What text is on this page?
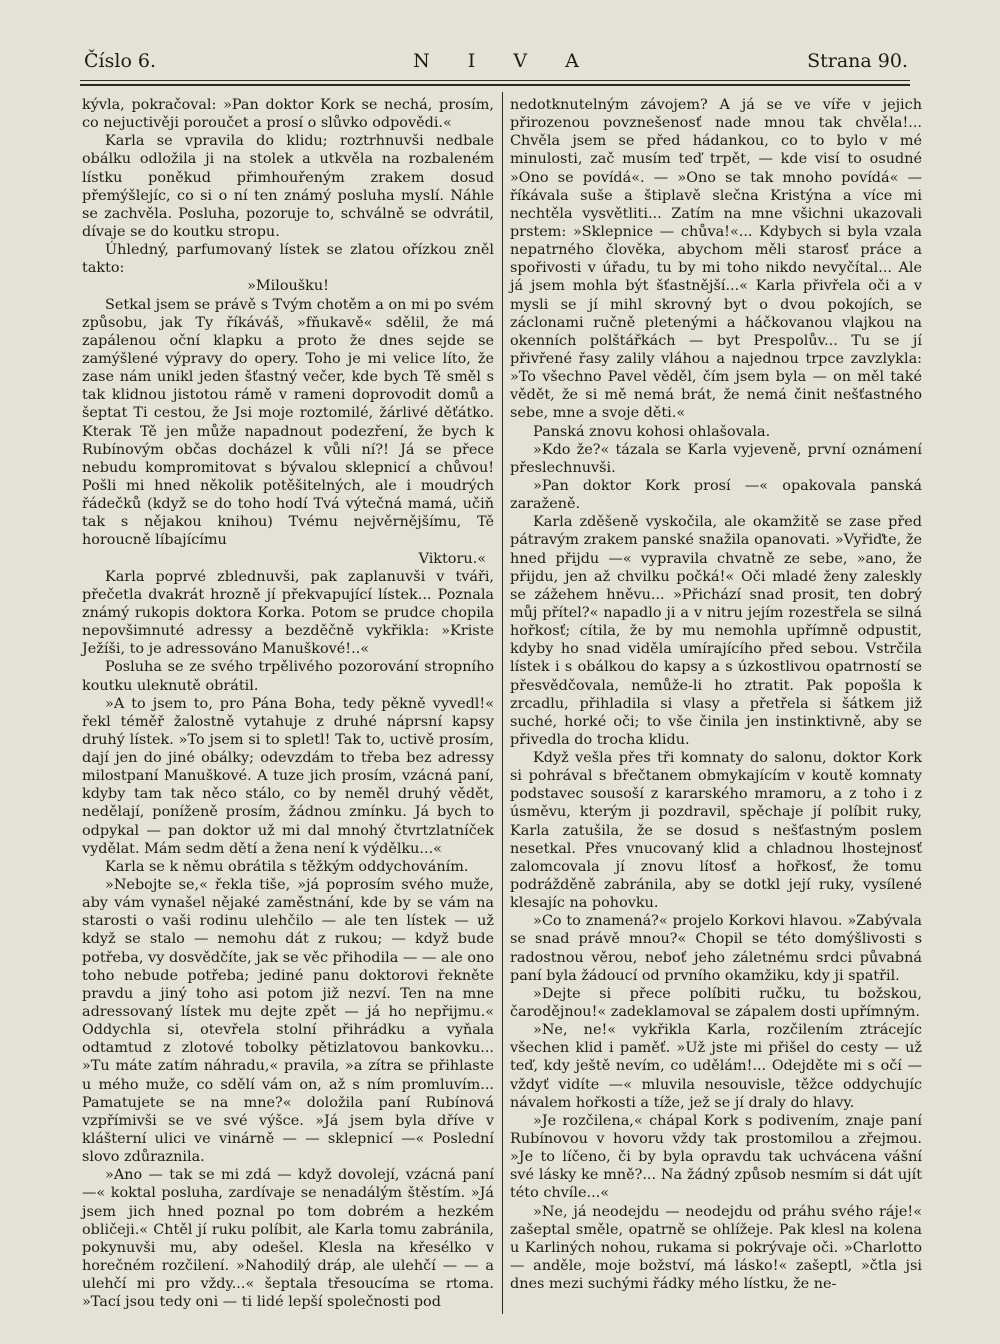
Číslo 6.	N I V A	Strana 90.

kývla, pokračoval: »Pan doktor Kork se nechá, prosím, co nejuctivěji poroučet a prosí o slůvko odpovědi.«

Karla se vpravila do klidu; roztrhnuvši nedbale obálku odložila ji na stolek a utkvěla na rozbaleném lístku poněkud přimhouřeným zrakem dosud přemýšlejíc, co si o ní ten známý posluha myslí. Náhle se zachvěla. Posluha, pozoruje to, schválně se odvrátil, dívaje se do koutku stropu.

Úhledný, parfumovaný lístek se zlatou ořízkou zněl takto:

»Miloušku!

Setkal jsem se právě s Tvým chotěm a on mi po svém způsobu, jak Ty říkáváš, »fňukavě« sdělil, že má zapálenou oční klapku a proto že dnes sejde se zamýšlené výpravy do opery. Toho je mi velice líto, že zase nám unikl jeden šťastný večer, kde bych Tě směl s tak klidnou jistotou rámě v rameni doprovodit domů a šeptat Ti cestou, že Jsi moje roztomilé, žárlivé děťátko. Kterak Tě jen může napadnout podezření, že bych k Rubínovým občas docházel k vůli ní?! Já se přece nebudu kompromitovat s bývalou sklepnicí a chůvou! Pošli mi hned několik potěšitelných, ale i moudrých řádečků (když se do toho hodí Tvá výtečná mamá, učiň tak s nějakou knihou) Tvému nejvěrnějšímu, Tě horoucně líbajícímu

Viktoru.«

Karla poprvé zblednuvši, pak zaplanuvši v tváři, přečetla dvakrát hrozně jí překvapující lístek... Poznala známý rukopis doktora Korka. Potom se prudce chopila nepovšimnuté adressy a bezděčně vykřikla: »Kriste Ježíši, to je adressováno Manuškové!..«

Posluha se ze svého trpělivého pozorování stropního koutku uleknutě obrátil.

»A to jsem to, pro Pána Boha, tedy pěkně vyvedl!« řekl téměř žalostně vytahuje z druhé náprsní kapsy druhý lístek. »To jsem si to spletl! Tak to, uctivě prosím, dají jen do jiné obálky; odevzdám to třeba bez adressy milostpaní Manuškové. A tuze jich prosím, vzácná paní, kdyby tam tak něco stálo, co by neměl druhý vědět, nedělají, poníženě prosím, žádnou zmínku. Já bych to odpykal — pan doktor už mi dal mnohý čtvrtzlatníček vydělat. Mám sedm dětí a žena není k výdělku...«

Karla se k němu obrátila s těžkým oddychováním.

»Nebojte se,« řekla tiše, »já poprosím svého muže, aby vám vynašel nějaké zaměstnání, kde by se vám na starosti o vaši rodinu ulehčilo — ale ten lístek — už když se stalo — nemohu dát z rukou; — když bude potřeba, vy dosvědčíte, jak se věc přihodila — — ale ono toho nebude potřeba; jediné panu doktorovi řekněte pravdu a jiný toho asi potom již nezví. Ten na mne adressovaný lístek mu dejte zpět — já ho nepřijmu.« Oddychla si, otevřela stolní přihrádku a vyňala odtamtud z zlotové tobolky pětizlatovou bankovku... »Tu máte zatím náhradu,« pravila, »a zítra se přihlaste u mého muže, co sdělí vám on, až s ním promluvím... Pamatujete se na mne?« doložila paní Rubínová vzpřímivši se ve své výšce. »Já jsem byla dříve v klášterní ulici ve vinárně — — sklepnicí —« Poslední slovo zdůraznila.

»Ano — tak se mi zdá — když dovolejí, vzácná paní —« koktal posluha, zardívaje se nenadálým štěstím. »Já jsem jich hned poznal po tom dobrém a hezkém obličeji.« Chtěl jí ruku políbit, ale Karla tomu zabránila, pokynuvši mu, aby odešel. Klesla na křesélko v horečném rozčilení. »Nahodilý dráp, ale ulehčí — — a ulehčí mi pro vždy...« šeptala třesoucíma se rtoma. »Tací jsou tedy oni — ti lidé lepší společnosti pod

nedotknutelným závojem? A já se ve víře v jejich přirozenou povznešenosť nade mnou tak chvěla!... Chvěla jsem se před hádankou, co to bylo v mé minulosti, zač musím teď trpět, — kde visí to osudné »Ono se povídá«. — »Ono se tak mnoho povídá« — říkávala suše a štiplavě slečna Kristýna a více mi nechtěla vysvětliti... Zatím na mne všichni ukazovali prstem: »Sklepnice — chůva!«... Kdybych si byla vzala nepatrného člověka, abychom měli starosť práce a spořivosti v úřadu, tu by mi toho nikdo nevyčítal... Ale já jsem mohla být šťastnější...« Karla přivřela oči a v mysli se jí mihl skrovný byt o dvou pokojích, se záclonami ručně pletenými a háčkovanou vlajkou na okenních polštářkách — byt Prespolův... Tu se jí přivřené řasy zalily vláhou a najednou trpce zavzlykla: »To všechno Pavel věděl, čím jsem byla — on měl také vědět, že si mě nemá brát, že nemá činit nešťastného sebe, mne a svoje děti.«

Panská znovu kohosi ohlašovala.

»Kdo že?« tázala se Karla vyjeveně, první oznámení přeslechnuvši.

»Pan doktor Kork prosí —« opakovala panská zaraženě.

Karla zděšeně vyskočila, ale okamžitě se zase před pátravým zrakem panské snažila opanovati. »Vyřiďte, že hned přijdu —« vypravila chvatně ze sebe, »ano, že přijdu, jen až chvilku počká!« Oči mladé ženy zaleskly se zážehem hněvu... »Přichází snad prosit, ten dobrý můj přítel?« napadlo ji a v nitru jejím rozestřela se silná hořkosť; cítila, že by mu nemohla upřímně odpustit, kdyby ho snad viděla umírajícího před sebou. Vstrčila lístek i s obálkou do kapsy a s úzkostlivou opatrností se přesvědčovala, nemůže-li ho ztratit. Pak popošla k zrcadlu, přihladila si vlasy a přetřela si šátkem již suché, horké oči; to vše činila jen instinktivně, aby se přivedla do trocha klidu.

Když vešla přes tři komnaty do salonu, doktor Kork si pohrával s břečtanem obmykajícím v koutě komnaty podstavec sousoší z kararského mramoru, a z toho i z úsměvu, kterým ji pozdravil, spěchaje jí políbit ruky, Karla zatušila, že se dosud s nešťastným poslem nesetkal. Přes vnucovaný klid a chladnou lhostejnosť zalomcovala jí znovu lítosť a hořkosť, že tomu podrážděně zabránila, aby se dotkl její ruky, vysílené klesajíc na pohovku.

»Co to znamená?« projelo Korkovi hlavou. »Zabývala se snad právě mnou?« Chopil se této domýšlivosti s radostnou věrou, neboť jeho záletnému srdci půvabná paní byla žádoucí od prvního okamžiku, kdy ji spatřil.

»Dejte si přece políbiti ručku, tu božskou, čarodějnou!« zadeklamoval se zápalem dosti upřímným.

»Ne, ne!« vykřikla Karla, rozčilením ztrácejíc všechen klid i paměť. »Už jste mi přišel do cesty — už teď, kdy ještě nevím, co udělám!... Odejděte mi s očí — vždyť vidíte —« mluvila nesouvisle, těžce oddychujíc návalem hořkosti a tíže, jež se jí draly do hlavy.

»Je rozčilena,« chápal Kork s podivením, znaje paní Rubínovou v hovoru vždy tak prostomilou a zřejmou. »Je to líčeno, či by byla opravdu tak uchvácena vášní své lásky ke mně?... Na žádný způsob nesmím si dát ujít této chvíle...«

»Ne, já neodejdu — neodejdu od práhu svého ráje!« zašeptal směle, opatrně se ohlížeje. Pak klesl na kolena u Karliných nohou, rukama si pokrývaje oči. »Charlotto — anděle, moje božství, má lásko!« zašeptl, »čtla jsi dnes mezi suchými řádky mého lístku, že ne-
